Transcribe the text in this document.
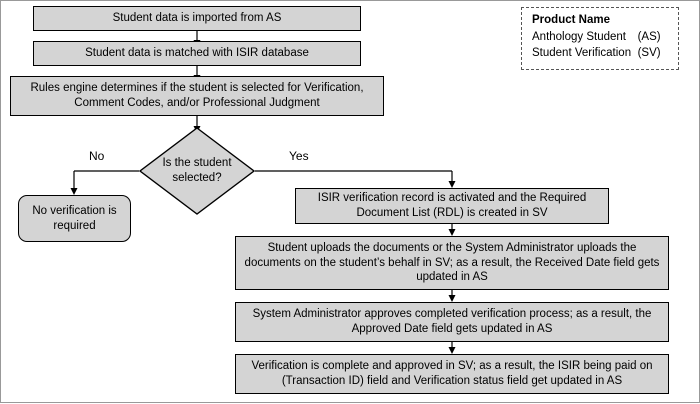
Student data is imported from AS
Student data is matched with ISIR database
Rules engine determines if the student is selected for Verification, Comment Codes, and/or Professional Judgment
Is the student selected?
No	Yes
No verification is required
ISIR verification record is activated and the Required Document List (RDL) is created in SV
Student uploads the documents or the System Administrator uploads the documents on the student’s behalf in SV; as a result, the Received Date field gets updated in AS
System Administrator approves completed verification process; as a result, the Approved Date field gets updated in AS
Verification is complete and approved in SV; as a result, the ISIR being paid on (Transaction ID) field and Verification status field get updated in AS
Product Name
Anthology Student	(AS)
Student Verification (SV)
